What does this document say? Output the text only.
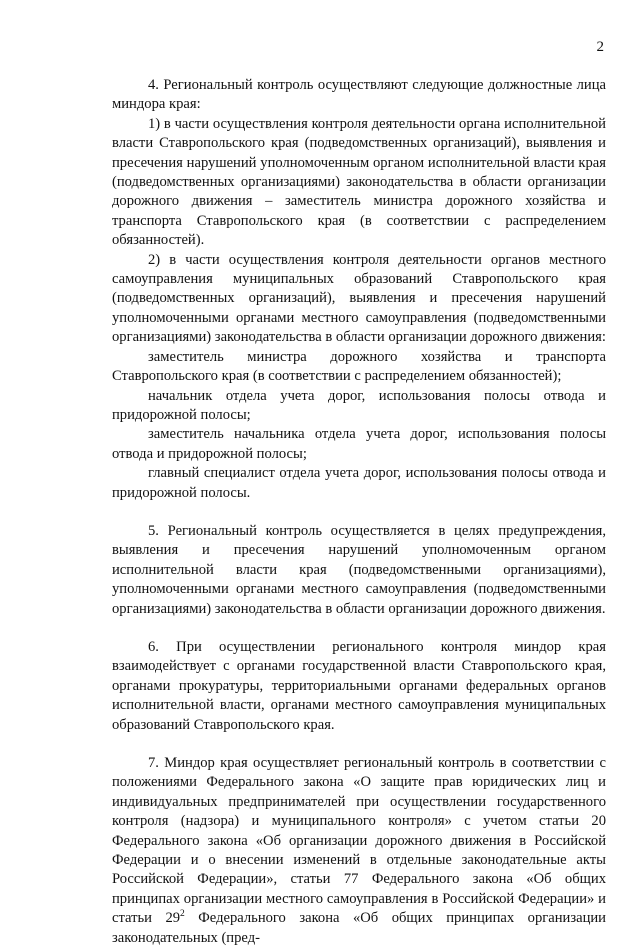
2

4. Региональный контроль осуществляют следующие должностные лица миндора края:

1) в части осуществления контроля деятельности органа исполнительной власти Ставропольского края (подведомственных организаций), выявления и пресечения нарушений уполномоченным органом исполнительной власти края (подведомственных организациями) законодательства в области организации дорожного движения – заместитель министра дорожного хозяйства и транспорта Ставропольского края (в соответствии с распределением обязанностей).

2) в части осуществления контроля деятельности органов местного самоуправления муниципальных образований Ставропольского края (подведомственных организаций), выявления и пресечения нарушений уполномоченными органами местного самоуправления (подведомственными организациями) законодательства в области организации дорожного движения:

заместитель министра дорожного хозяйства и транспорта Ставропольского края (в соответствии с распределением обязанностей);

начальник отдела учета дорог, использования полосы отвода и придорожной полосы;

заместитель начальника отдела учета дорог, использования полосы отвода и придорожной полосы;

главный специалист отдела учета дорог, использования полосы отвода и придорожной полосы.

5. Региональный контроль осуществляется в целях предупреждения, выявления и пресечения нарушений уполномоченным органом исполнительной власти края (подведомственными организациями), уполномоченными органами местного самоуправления (подведомственными организациями) законодательства в области организации дорожного движения.

6. При осуществлении регионального контроля миндор края взаимодействует с органами государственной власти Ставропольского края, органами прокуратуры, территориальными органами федеральных органов исполнительной власти, органами местного самоуправления муниципальных образований Ставропольского края.

7. Миндор края осуществляет региональный контроль в соответствии с положениями Федерального закона «О защите прав юридических лиц и индивидуальных предпринимателей при осуществлении государственного контроля (надзора) и муниципального контроля» с учетом статьи 20 Федерального закона «Об организации дорожного движения в Российской Федерации и о внесении изменений в отдельные законодательные акты Российской Федерации», статьи 77 Федерального закона «Об общих принципах организации местного самоуправления в Российской Федерации» и статьи $29^2$ Федерального закона «Об общих принципах организации законодательных (пред-
